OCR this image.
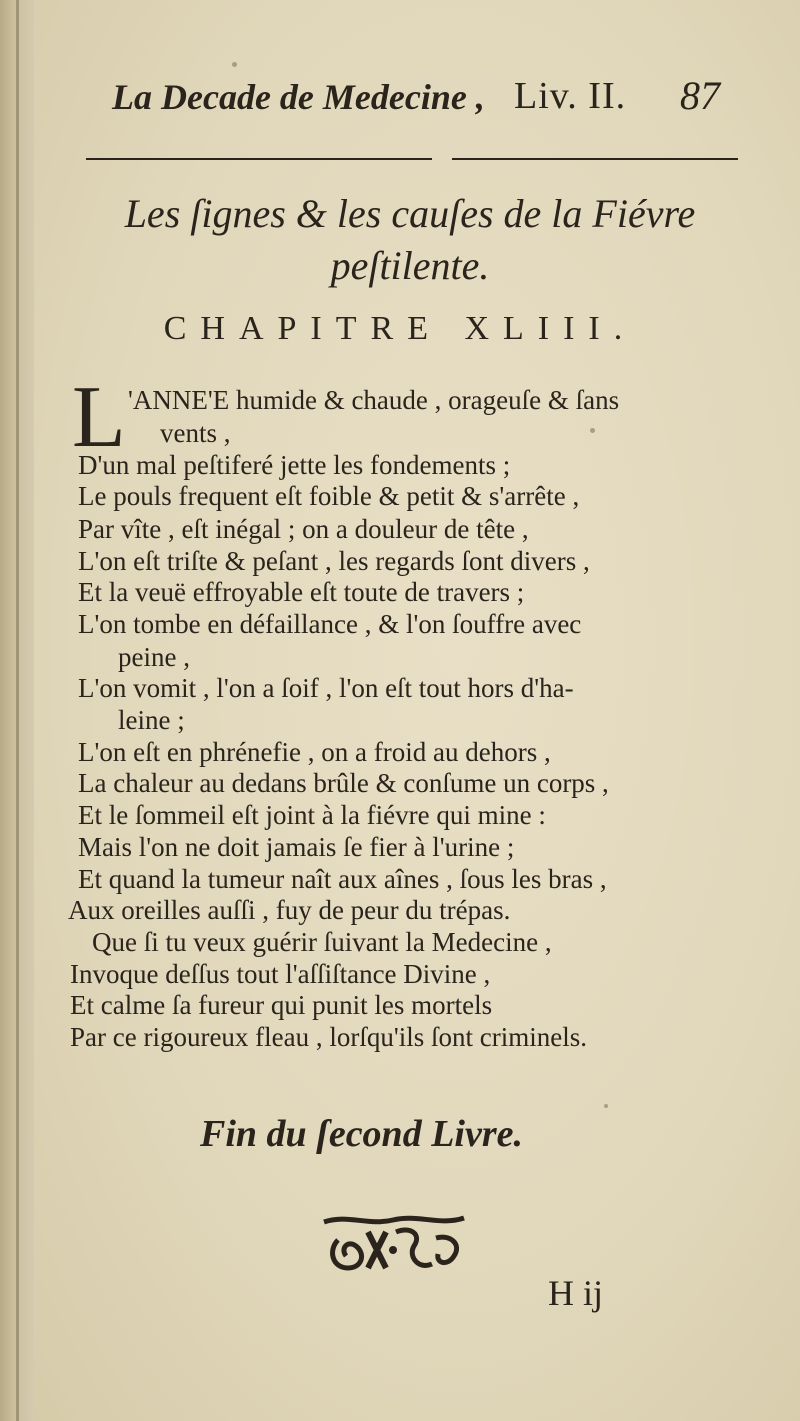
La Decade de Medecine , Liv. II. 87
Les ſignes & les cauſes de la Fiévre
peſtilente.
CHAPITRE XLIII.
L 'ANNE'E humide & chaude , orageuſe & ſans
vents ,
D'un mal peſtiferé jette les fondements ;
Le pouls frequent eſt foible & petit & s'arrête ,
Par vîte , eſt inégal ; on a douleur de tête ,
L'on eſt triſte & peſant , les regards ſont divers ,
Et la veuë effroyable eſt toute de travers ;
L'on tombe en défaillance , & l'on ſouffre avec
peine ,
L'on vomit , l'on a ſoif , l'on eſt tout hors d'ha-
leine ;
L'on eſt en phrénefie , on a froid au dehors ,
La chaleur au dedans brûle & conſume un corps ,
Et le ſommeil eſt joint à la fiévre qui mine :
Mais l'on ne doit jamais ſe fier à l'urine ;
Et quand la tumeur naît aux aînes , ſous les bras ,
Aux oreilles auſſi , fuy de peur du trépas.
Que ſi tu veux guérir ſuivant la Medecine ,
Invoque deſſus tout l'aſſiſtance Divine ,
Et calme ſa fureur qui punit les mortels
Par ce rigoureux fleau , lorſqu'ils ſont criminels.
Fin du ſecond Livre.
H ij
